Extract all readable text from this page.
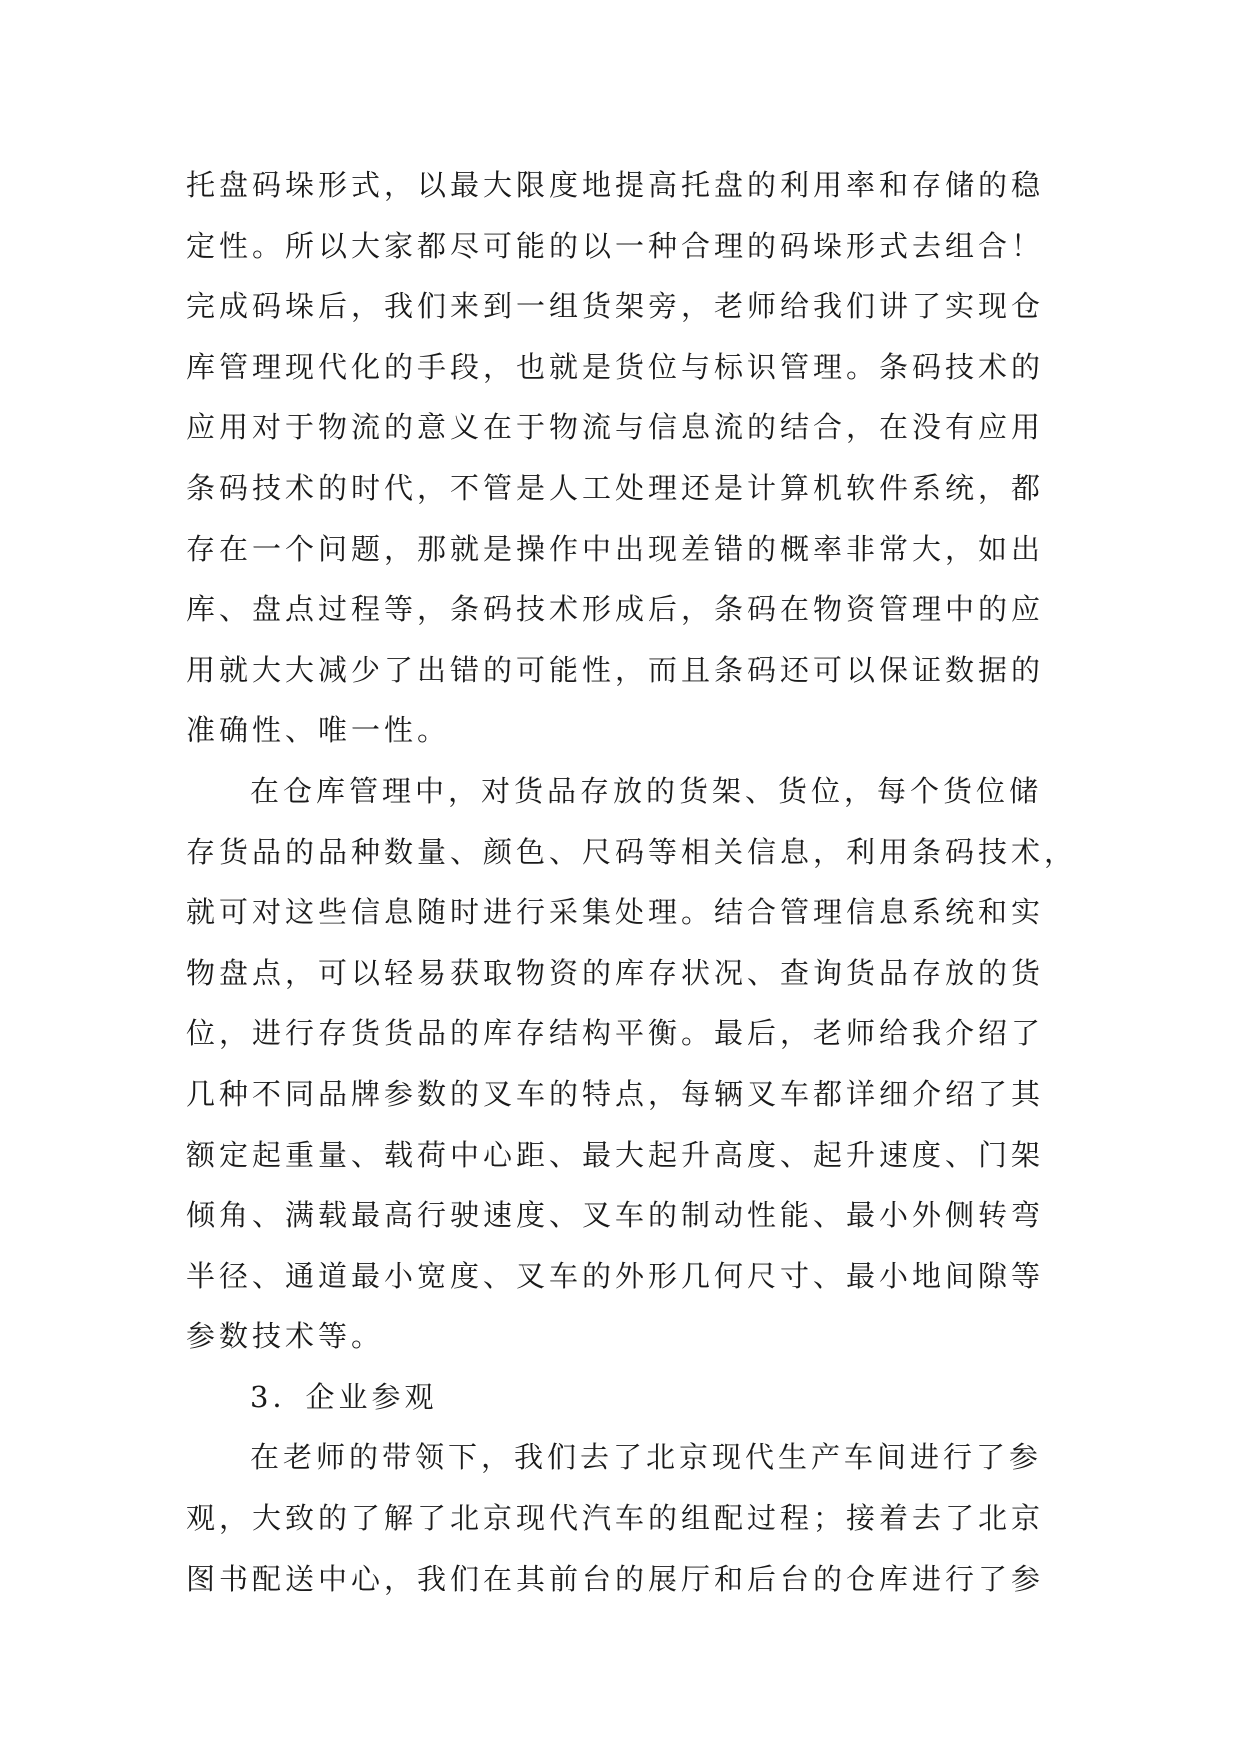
托盘码垛形式，以最大限度地提高托盘的利用率和存储的稳
定性。所以大家都尽可能的以一种合理的码垛形式去组合！
完成码垛后，我们来到一组货架旁，老师给我们讲了实现仓
库管理现代化的手段，也就是货位与标识管理。条码技术的
应用对于物流的意义在于物流与信息流的结合，在没有应用
条码技术的时代，不管是人工处理还是计算机软件系统，都
存在一个问题，那就是操作中出现差错的概率非常大，如出
库、盘点过程等，条码技术形成后，条码在物资管理中的应
用就大大减少了出错的可能性，而且条码还可以保证数据的
准确性、唯一性。
在仓库管理中，对货品存放的货架、货位，每个货位储
存货品的品种数量、颜色、尺码等相关信息，利用条码技术，
就可对这些信息随时进行采集处理。结合管理信息系统和实
物盘点，可以轻易获取物资的库存状况、查询货品存放的货
位，进行存货货品的库存结构平衡。最后，老师给我介绍了
几种不同品牌参数的叉车的特点，每辆叉车都详细介绍了其
额定起重量、载荷中心距、最大起升高度、起升速度、门架
倾角、满载最高行驶速度、叉车的制动性能、最小外侧转弯
半径、通道最小宽度、叉车的外形几何尺寸、最小地间隙等
参数技术等。
3．企业参观
在老师的带领下，我们去了北京现代生产车间进行了参
观，大致的了解了北京现代汽车的组配过程；接着去了北京
图书配送中心，我们在其前台的展厅和后台的仓库进行了参
